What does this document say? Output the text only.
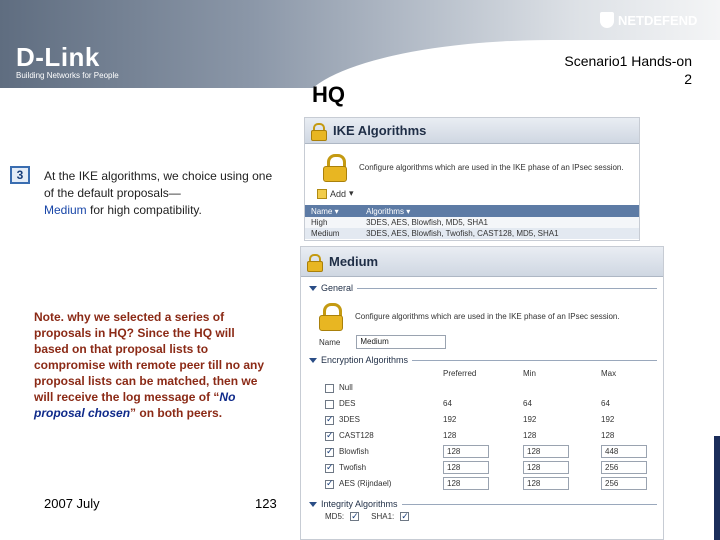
D-Link
Building Networks for People
NETDEFEND
Scenario1 Hands-on
2
HQ
3	At the IKE algorithms, we choice using one of the default proposals—
Medium for high compatibility.
Note. why we selected a series of proposals in HQ? Since the HQ will based on that proposal lists to compromise with remote peer till no any proposal lists can be matched, then we will receive the log message of “No proposal chosen” on both peers.
2007 July	123
IKE Algorithms
Configure algorithms which are used in the IKE phase of an IPsec session.
Add ▾
Name ▾	Algorithms ▾
High	3DES, AES, Blowfish, MD5, SHA1
Medium	3DES, AES, Blowfish, Twofish, CAST128, MD5, SHA1
Medium
General
Configure algorithms which are used in the IKE phase of an IPsec session.
Name	Medium
Encryption Algorithms
Preferred	Min	Max
Null
DES	64	64	64
✓
3DES	192	192	192
✓
CAST128	128	128	128
✓
Blowfish	128	128	448
✓
Twofish	128	128	256
✓
AES (Rijndael)	128	128	256
Integrity Algorithms
MD5: ✓ SHA1: ✓
